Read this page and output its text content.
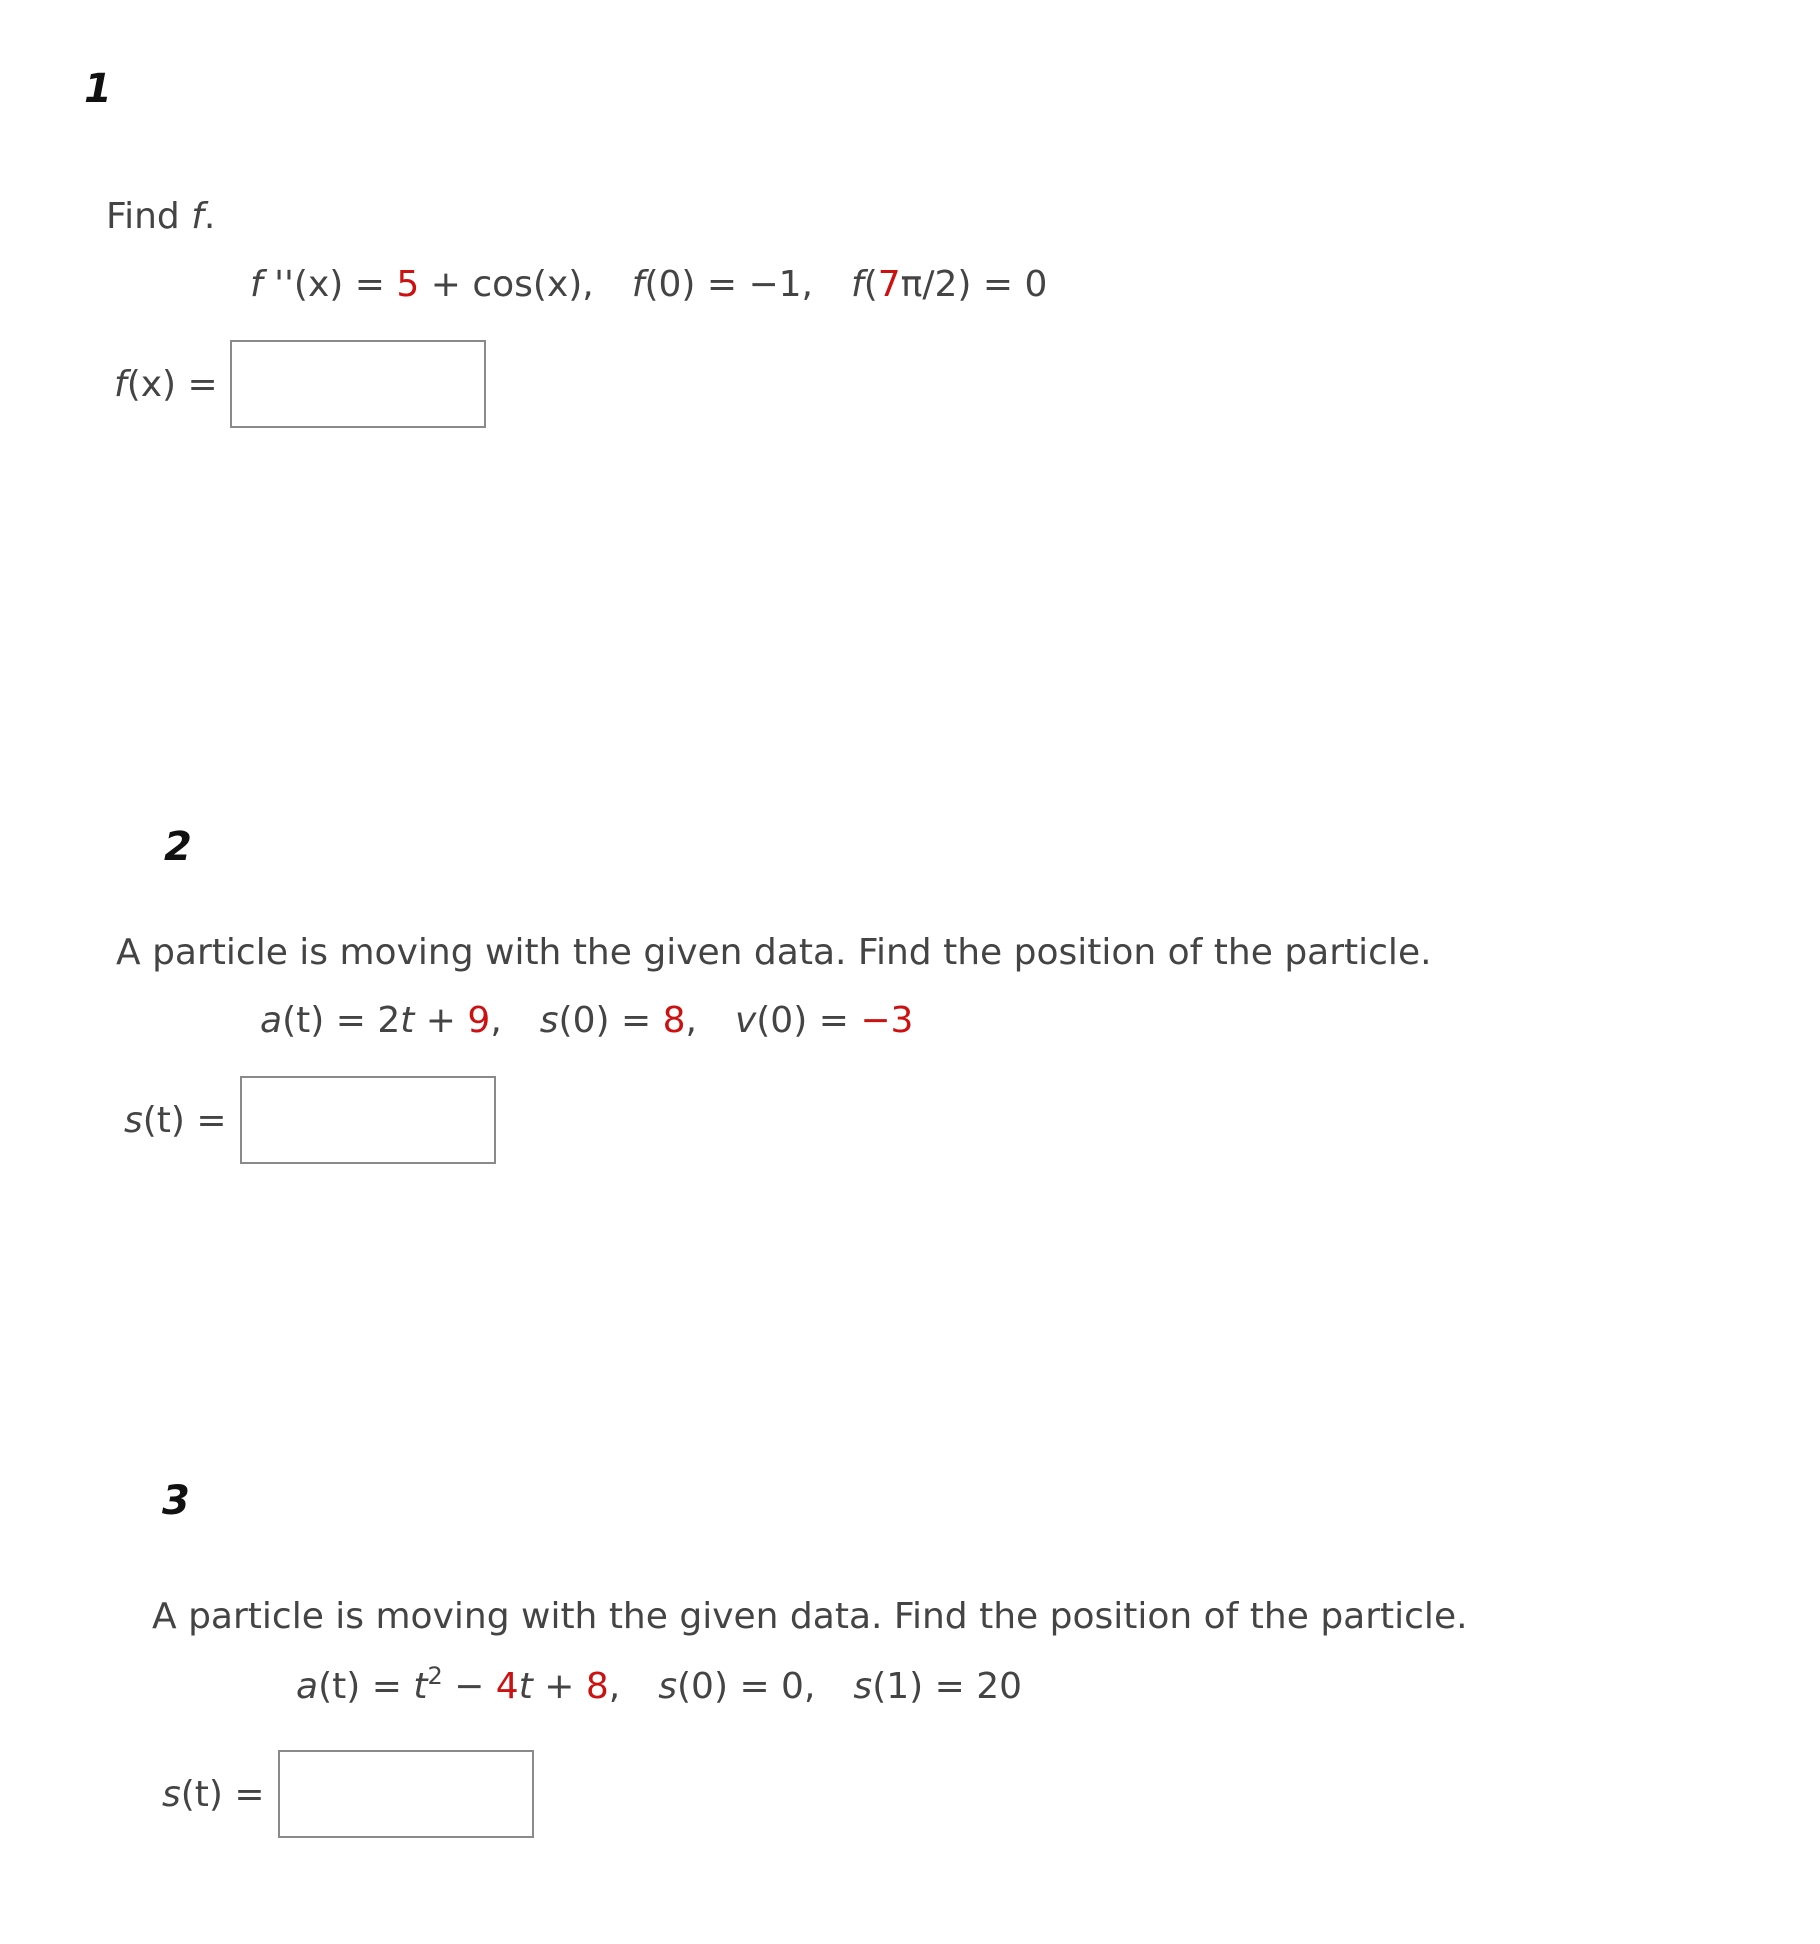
1
Find f.
f ''(x) = 5 + cos(x), f(0) = −1, f(7π/2) = 0
f(x) =
2
A particle is moving with the given data. Find the position of the particle.
a(t) = 2t + 9, s(0) = 8, v(0) = −3
s(t) =
3
A particle is moving with the given data. Find the position of the particle.
$a(t) = t^2 - 4t + 8$, s(0) = 0, s(1) = 20
s(t) =
